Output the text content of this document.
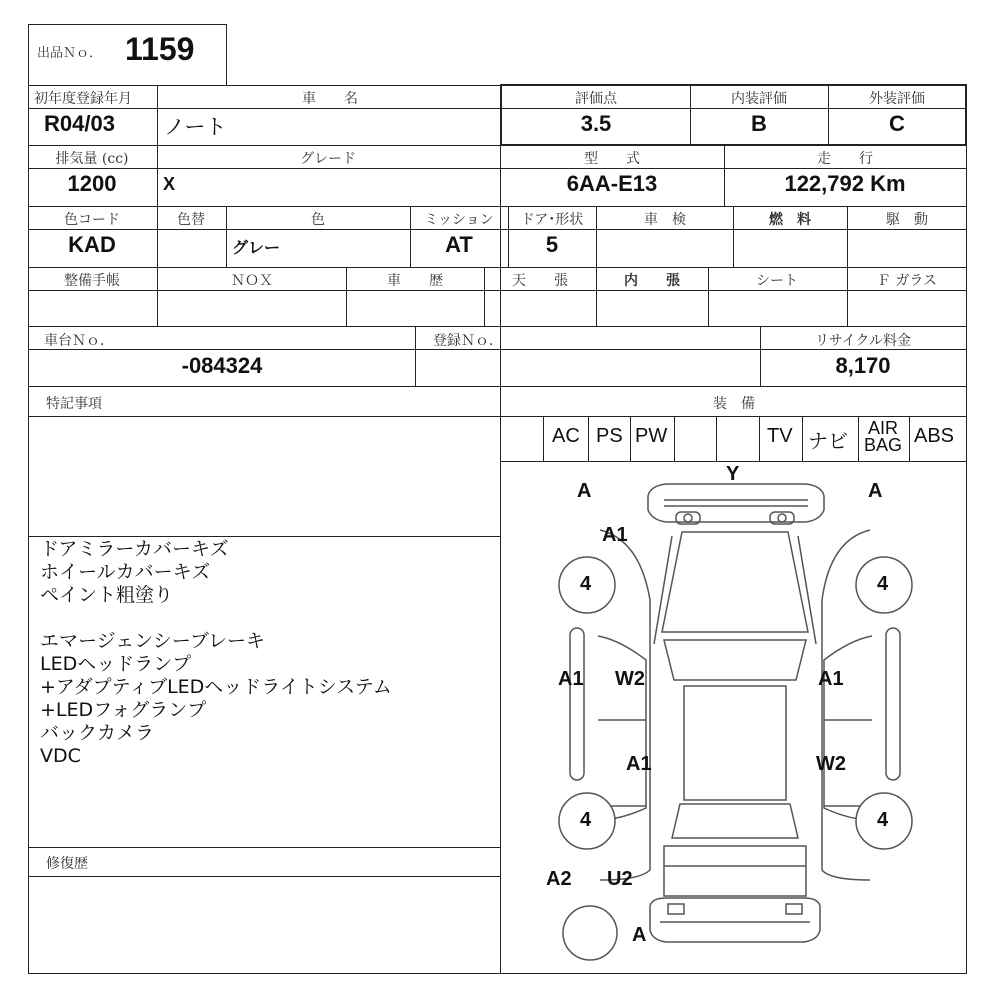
出品Ｎｏ． 1159
初年度登録年月
R04/03
車　　名
ノート
評価点
3.5
内装評価
B
外装評価
C
排気量 (cc)
1200
グレード
X
型　　式
6AA-E13
走　　行
122,792 Km
色コード
KAD
色替	色
グレー
ミッション
AT
ドア･形状
5
車　検	燃　料	駆　動
整備手帳	ＮＯＸ	車　　歴	天　　張	内　　張	シート	Ｆ ガラス
車台Ｎｏ．
-084324
登録Ｎｏ．	リサイクル料金
8,170
特記事項
ドアミラーカバーキズ
ホイールカバーキズ
ペイント粗塗り
エマージェンシーブレーキ
LEDヘッドランプ
+アダプティブLEDヘッドライトシステム
+LEDフォグランプ
バックカメラ
VDC
修復歴
装　備
AC PS PW	TV ナビ
AIR
BAG ABS
Y
A	A
A1
4	4
A1 W2	A1
A1	W2
4	4
A2 U2
A
